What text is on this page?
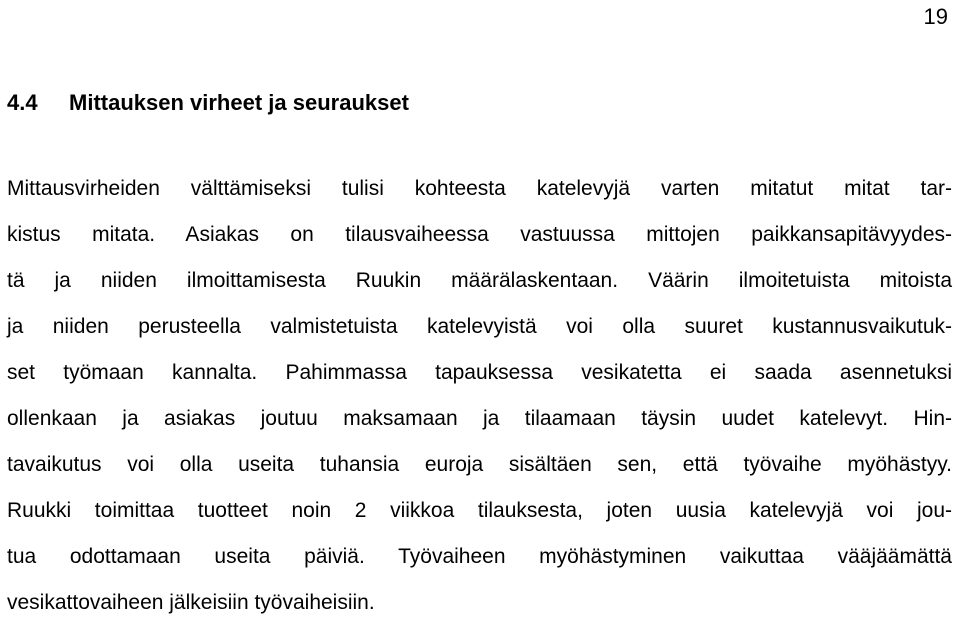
19
4.4 Mittauksen virheet ja seuraukset
Mittausvirheiden välttämiseksi tulisi kohteesta katelevyjä varten mitatut mitat tar-
kistus mitata. Asiakas on tilausvaiheessa vastuussa mittojen paikkansapitävyydes-
tä ja niiden ilmoittamisesta Ruukin määrälaskentaan. Väärin ilmoitetuista mitoista
ja niiden perusteella valmistetuista katelevyistä voi olla suuret kustannusvaikutuk-
set työmaan kannalta. Pahimmassa tapauksessa vesikatetta ei saada asennetuksi
ollenkaan ja asiakas joutuu maksamaan ja tilaamaan täysin uudet katelevyt. Hin-
tavaikutus voi olla useita tuhansia euroja sisältäen sen, että työvaihe myöhästyy.
Ruukki toimittaa tuotteet noin 2 viikkoa tilauksesta, joten uusia katelevyjä voi jou-
tua odottamaan useita päiviä. Työvaiheen myöhästyminen vaikuttaa vääjäämättä
vesikattovaiheen jälkeisiin työvaiheisiin.
